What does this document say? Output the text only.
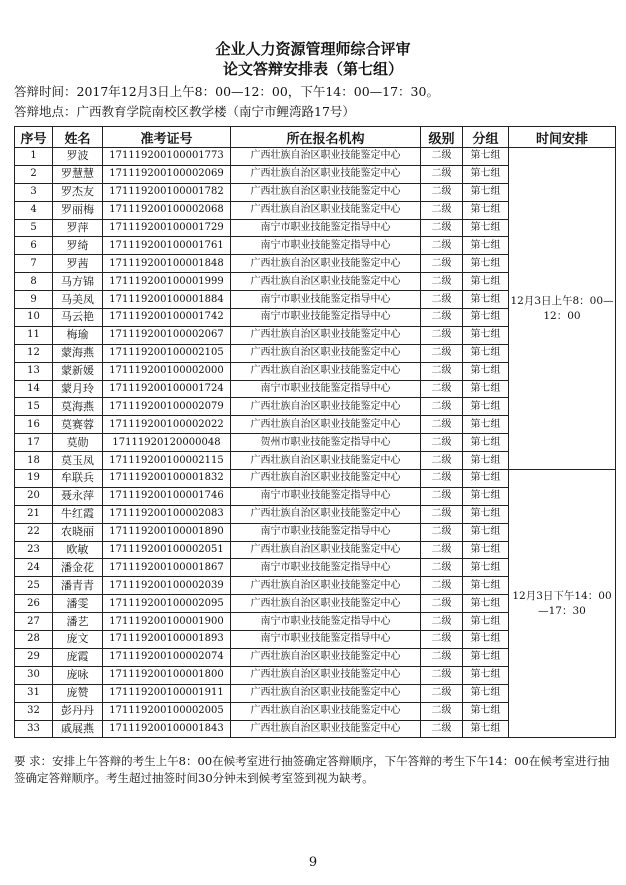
企业人力资源管理师综合评审
论文答辩安排表（第七组）
答辩时间：2017年12月3日上午8：00—12：00，下午14：00—17：30。
答辩地点：广西教育学院南校区教学楼（南宁市鲤湾路17号）
序号	姓名	准考证号	所在报名机构	级别	分组	时间安排
1	罗波	171119200100001773	广西壮族自治区职业技能鉴定中心	二级	第七组	12月3日上午8：00—12：00
2	罗慧慧	171119200100002069	广西壮族自治区职业技能鉴定中心	二级	第七组	
3	罗杰友	171119200100001782	广西壮族自治区职业技能鉴定中心	二级	第七组	
4	罗丽梅	171119200100002068	广西壮族自治区职业技能鉴定中心	二级	第七组	
5	罗萍	171119200100001729	南宁市职业技能鉴定指导中心	二级	第七组	
6	罗绮	171119200100001761	南宁市职业技能鉴定指导中心	二级	第七组	
7	罗茜	171119200100001848	广西壮族自治区职业技能鉴定中心	二级	第七组	
8	马方锦	171119200100001999	广西壮族自治区职业技能鉴定中心	二级	第七组	
9	马美凤	171119200100001884	南宁市职业技能鉴定指导中心	二级	第七组	
10	马云艳	171119200100001742	南宁市职业技能鉴定指导中心	二级	第七组	
11	梅瑜	171119200100002067	广西壮族自治区职业技能鉴定中心	二级	第七组	
12	蒙海燕	171119200100002105	广西壮族自治区职业技能鉴定中心	二级	第七组	
13	蒙新媛	171119200100002000	广西壮族自治区职业技能鉴定中心	二级	第七组	
14	蒙月玲	171119200100001724	南宁市职业技能鉴定指导中心	二级	第七组	
15	莫海燕	171119200100002079	广西壮族自治区职业技能鉴定中心	二级	第七组	
16	莫赛蓉	171119200100002022	广西壮族自治区职业技能鉴定中心	二级	第七组	
17	莫勋	17111920120000048	贺州市职业技能鉴定指导中心	二级	第七组	
18	莫玉凤	171119200100002115	广西壮族自治区职业技能鉴定中心	二级	第七组	
19	牟联兵	171119200100001832	广西壮族自治区职业技能鉴定中心	二级	第七组	12月3日下午14：00—17：30
20	聂永萍	171119200100001746	南宁市职业技能鉴定指导中心	二级	第七组	
21	牛红霞	171119200100002083	广西壮族自治区职业技能鉴定中心	二级	第七组	
22	农晓丽	171119200100001890	南宁市职业技能鉴定指导中心	二级	第七组	
23	欧敏	171119200100002051	广西壮族自治区职业技能鉴定中心	二级	第七组	
24	潘金花	171119200100001867	南宁市职业技能鉴定指导中心	二级	第七组	
25	潘青青	171119200100002039	广西壮族自治区职业技能鉴定中心	二级	第七组	
26	潘雯	171119200100002095	广西壮族自治区职业技能鉴定中心	二级	第七组	
27	潘艺	171119200100001900	南宁市职业技能鉴定指导中心	二级	第七组	
28	庞文	171119200100001893	南宁市职业技能鉴定指导中心	二级	第七组	
29	庞霞	171119200100002074	广西壮族自治区职业技能鉴定中心	二级	第七组	
30	庞咏	171119200100001800	广西壮族自治区职业技能鉴定中心	二级	第七组	
31	庞赞	171119200100001911	广西壮族自治区职业技能鉴定中心	二级	第七组	
32	彭丹丹	171119200100002005	广西壮族自治区职业技能鉴定中心	二级	第七组	
33	戚展燕	171119200100001843	广西壮族自治区职业技能鉴定中心	二级	第七组	
要 求：安排上午答辩的考生上午8：00在候考室进行抽签确定答辩顺序，下午答辩的考生下午14：00在候考室进行抽签确定答辩顺序。考生超过抽签时间30分钟未到候考室签到视为缺考。
9
